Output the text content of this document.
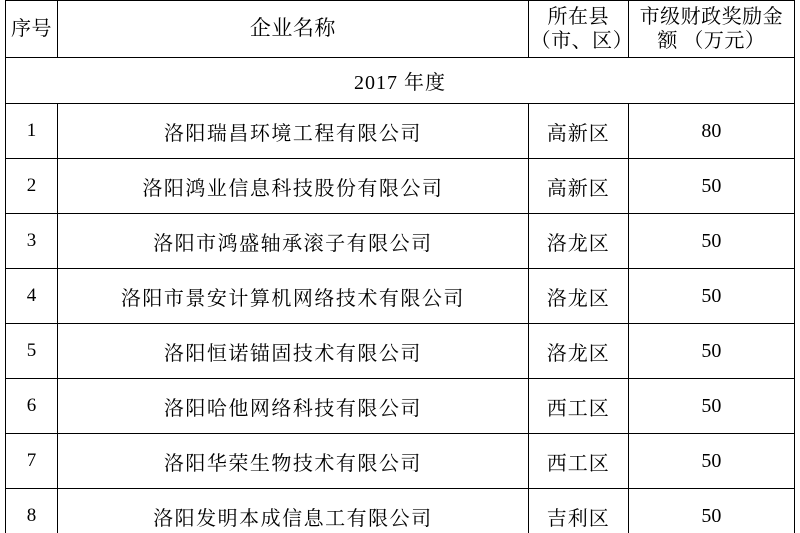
序号	企业名称	所在县（市、区）	市级财政奖励金额 （万元）
2017 年度			
1	洛阳瑞昌环境工程有限公司	高新区	80
2	洛阳鸿业信息科技股份有限公司	高新区	50
3	洛阳市鸿盛轴承滚子有限公司	洛龙区	50
4	洛阳市景安计算机网络技术有限公司	洛龙区	50
5	洛阳恒诺锚固技术有限公司	洛龙区	50
6	洛阳哈他网络科技有限公司	西工区	50
7	洛阳华荣生物技术有限公司	西工区	50
8	洛阳发明本成信息工有限公司	吉利区	50
